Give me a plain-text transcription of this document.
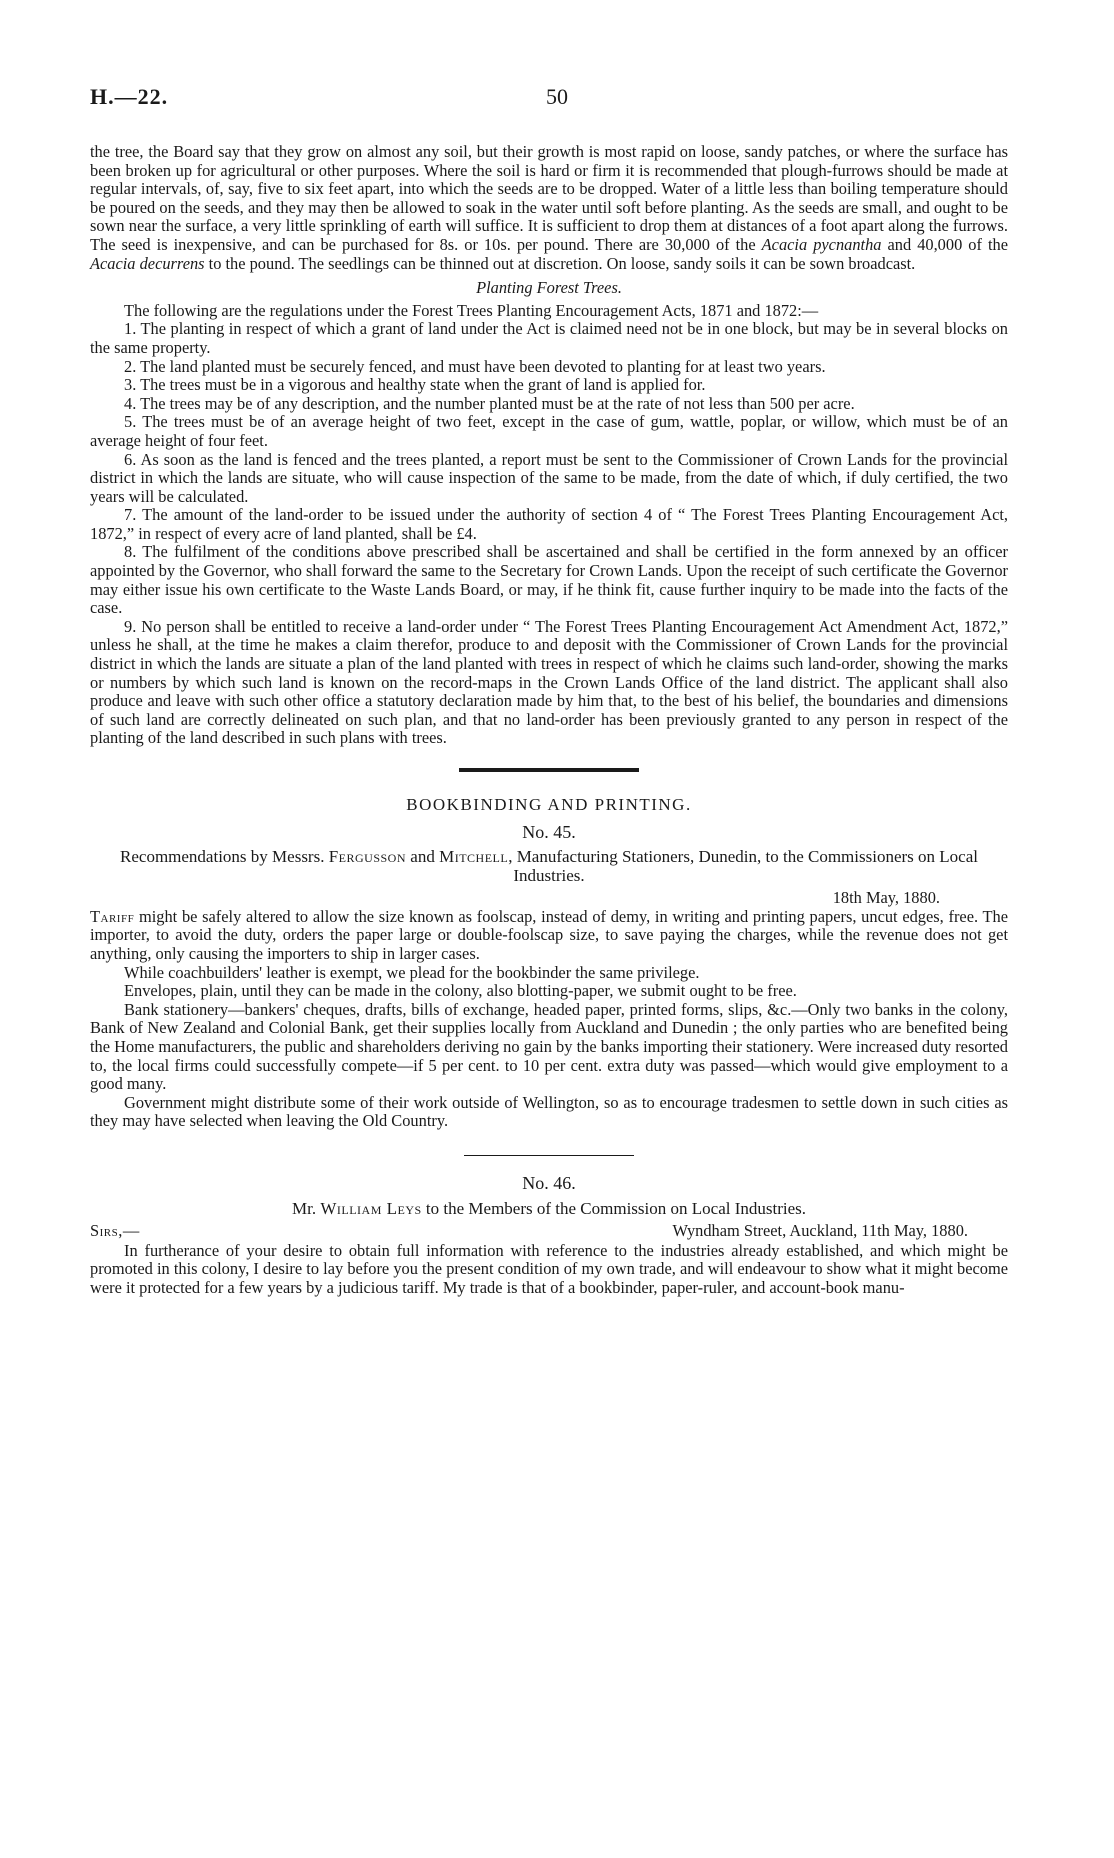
H.—22.	50

the tree, the Board say that they grow on almost any soil, but their growth is most rapid on loose, sandy patches, or where the surface has been broken up for agricultural or other purposes. Where the soil is hard or firm it is recommended that plough-furrows should be made at regular intervals, of, say, five to six feet apart, into which the seeds are to be dropped. Water of a little less than boiling temperature should be poured on the seeds, and they may then be allowed to soak in the water until soft before planting. As the seeds are small, and ought to be sown near the surface, a very little sprinkling of earth will suffice. It is sufficient to drop them at distances of a foot apart along the furrows. The seed is inexpensive, and can be purchased for 8s. or 10s. per pound. There are 30,000 of the Acacia pycnantha and 40,000 of the Acacia decurrens to the pound. The seedlings can be thinned out at discretion. On loose, sandy soils it can be sown broadcast.

Planting Forest Trees.

The following are the regulations under the Forest Trees Planting Encouragement Acts, 1871 and 1872:—

1. The planting in respect of which a grant of land under the Act is claimed need not be in one block, but may be in several blocks on the same property.

2. The land planted must be securely fenced, and must have been devoted to planting for at least two years.

3. The trees must be in a vigorous and healthy state when the grant of land is applied for.

4. The trees may be of any description, and the number planted must be at the rate of not less than 500 per acre.

5. The trees must be of an average height of two feet, except in the case of gum, wattle, poplar, or willow, which must be of an average height of four feet.

6. As soon as the land is fenced and the trees planted, a report must be sent to the Commissioner of Crown Lands for the provincial district in which the lands are situate, who will cause inspection of the same to be made, from the date of which, if duly certified, the two years will be calculated.

7. The amount of the land-order to be issued under the authority of section 4 of “ The Forest Trees Planting Encouragement Act, 1872,” in respect of every acre of land planted, shall be £4.

8. The fulfilment of the conditions above prescribed shall be ascertained and shall be certified in the form annexed by an officer appointed by the Governor, who shall forward the same to the Secretary for Crown Lands. Upon the receipt of such certificate the Governor may either issue his own certificate to the Waste Lands Board, or may, if he think fit, cause further inquiry to be made into the facts of the case.

9. No person shall be entitled to receive a land-order under “ The Forest Trees Planting Encouragement Act Amendment Act, 1872,” unless he shall, at the time he makes a claim therefor, produce to and deposit with the Commissioner of Crown Lands for the provincial district in which the lands are situate a plan of the land planted with trees in respect of which he claims such land-order, showing the marks or numbers by which such land is known on the record-maps in the Crown Lands Office of the land district. The applicant shall also produce and leave with such other office a statutory declaration made by him that, to the best of his belief, the boundaries and dimensions of such land are correctly delineated on such plan, and that no land-order has been previously granted to any person in respect of the planting of the land described in such plans with trees.

BOOKBINDING AND PRINTING.

No. 45.

Recommendations by Messrs. Fergusson and Mitchell, Manufacturing Stationers, Dunedin, to the Commissioners on Local Industries.

18th May, 1880.

Tariff might be safely altered to allow the size known as foolscap, instead of demy, in writing and printing papers, uncut edges, free. The importer, to avoid the duty, orders the paper large or double-foolscap size, to save paying the charges, while the revenue does not get anything, only causing the importers to ship in larger cases.

While coachbuilders' leather is exempt, we plead for the bookbinder the same privilege.

Envelopes, plain, until they can be made in the colony, also blotting-paper, we submit ought to be free.

Bank stationery—bankers' cheques, drafts, bills of exchange, headed paper, printed forms, slips, &c.—Only two banks in the colony, Bank of New Zealand and Colonial Bank, get their supplies locally from Auckland and Dunedin ; the only parties who are benefited being the Home manufacturers, the public and shareholders deriving no gain by the banks importing their stationery. Were increased duty resorted to, the local firms could successfully compete—if 5 per cent. to 10 per cent. extra duty was passed—which would give employment to a good many.

Government might distribute some of their work outside of Wellington, so as to encourage tradesmen to settle down in such cities as they may have selected when leaving the Old Country.

No. 46.

Mr. William Leys to the Members of the Commission on Local Industries.

Sirs,—	Wyndham Street, Auckland, 11th May, 1880.

In furtherance of your desire to obtain full information with reference to the industries already established, and which might be promoted in this colony, I desire to lay before you the present condition of my own trade, and will endeavour to show what it might become were it protected for a few years by a judicious tariff. My trade is that of a bookbinder, paper-ruler, and account-book manu-
